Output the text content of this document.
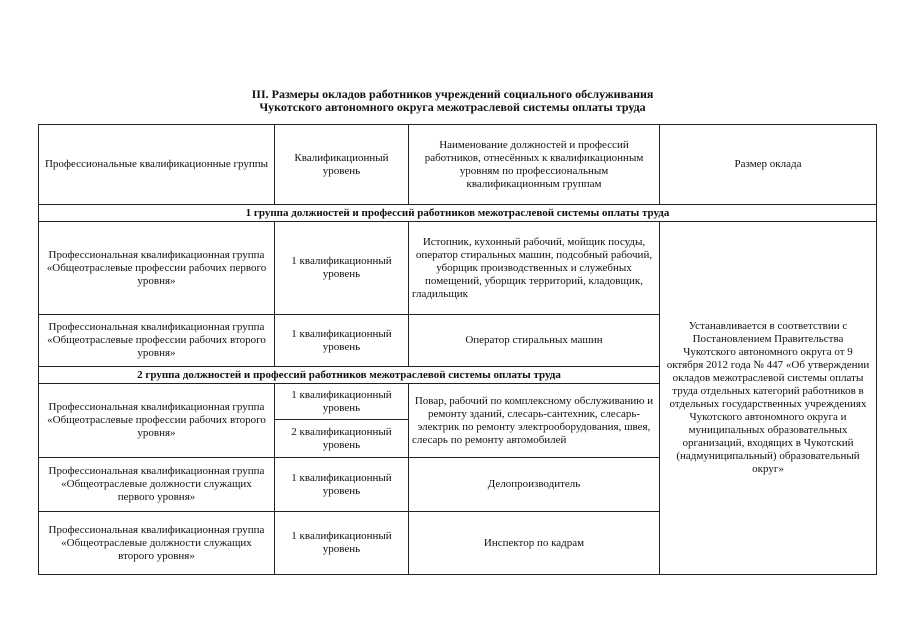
III. Размеры окладов работников учреждений социального обслуживания
Чукотского автономного округа межотраслевой системы оплаты труда
Профессиональные квалификационные группы	Квалификационный уровень	Наименование должностей и профессий работников, отнесённых к квалификационным уровням по профессиональным квалификационным группам	Размер оклада
1 группа должностей и профессий работников межотраслевой системы оплаты труда			
Профессиональная квалификационная группа «Общеотраслевые профессии рабочих первого уровня»	1 квалификационный уровень	Истопник, кухонный рабочий, мойщик посуды, оператор стиральных машин, подсобный рабочий, уборщик производственных и служебных помещений, уборщик территорий, кладовщик, гладильщик	Устанавливается в соответствии с Постановлением Правительства Чукотского автономного округа от 9 октября 2012 года № 447 «Об утверждении окладов межотраслевой системы оплаты труда отдельных категорий работников в отдельных государственных учреждениях Чукотского автономного округа и муниципальных образовательных организаций, входящих в Чукотский (надмуниципальный) образовательный округ»
Профессиональная квалификационная группа «Общеотраслевые профессии рабочих второго уровня»	1 квалификационный уровень	Оператор стиральных машин	
2 группа должностей и профессий работников межотраслевой системы оплаты труда			
Профессиональная квалификационная группа «Общеотраслевые профессии рабочих второго уровня»	1 квалификационный уровень	Повар, рабочий по комплексному обслуживанию и ремонту зданий, слесарь-сантехник, слесарь-электрик по ремонту электрооборудования, швея, слесарь по ремонту автомобилей	
	2 квалификационный уровень		
Профессиональная квалификационная группа «Общеотраслевые должности служащих первого уровня»	1 квалификационный уровень	Делопроизводитель	
Профессиональная квалификационная группа «Общеотраслевые должности служащих второго уровня»	1 квалификационный уровень	Инспектор по кадрам	
